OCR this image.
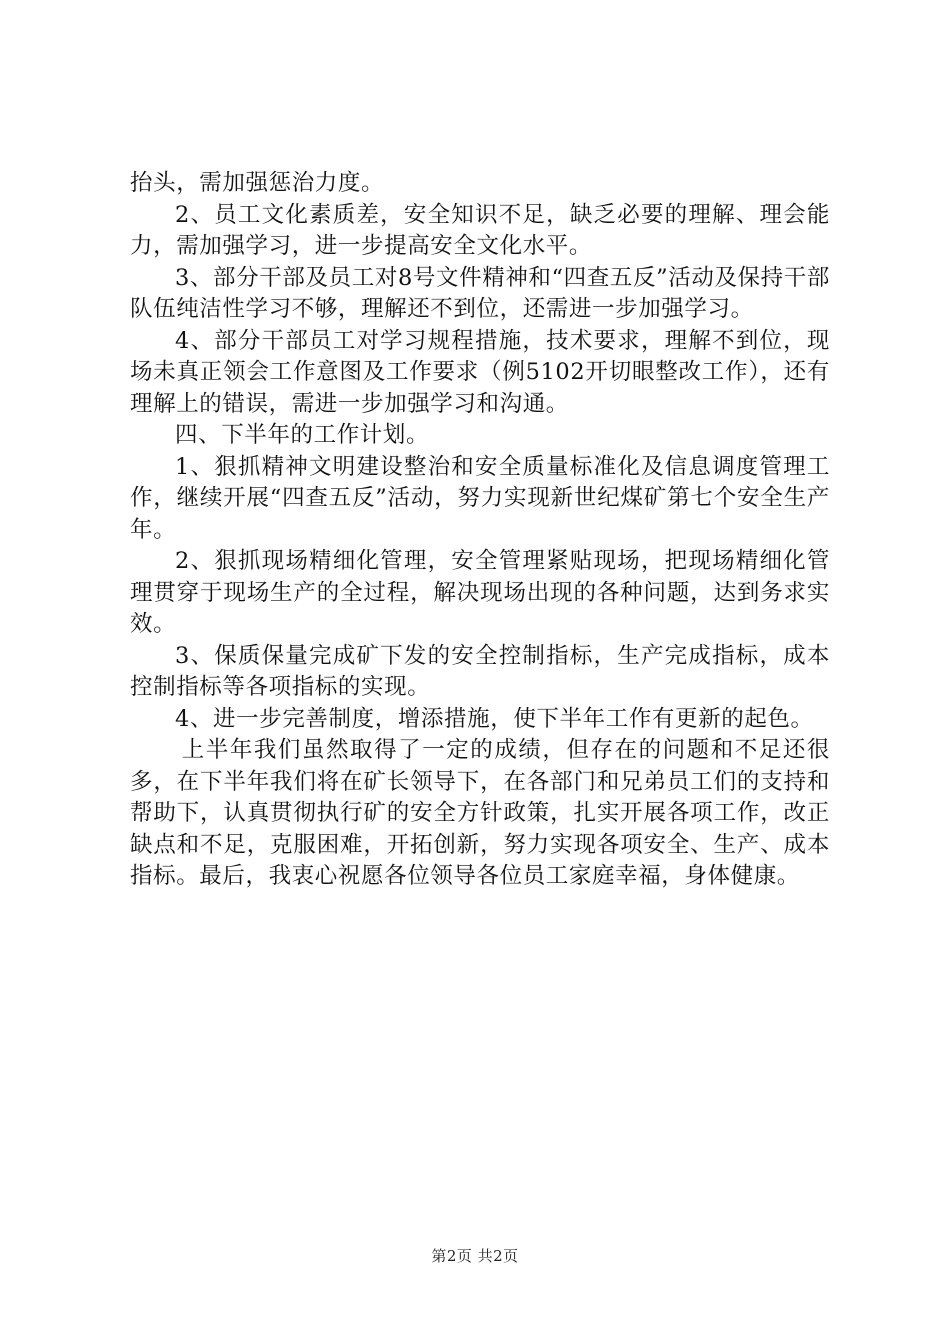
抬头，需加强惩治力度。

2、员工文化素质差，安全知识不足，缺乏必要的理解、理会能力，需加强学习，进一步提高安全文化水平。

3、部分干部及员工对8号文件精神和“四查五反”活动及保持干部队伍纯洁性学习不够，理解还不到位，还需进一步加强学习。

4、部分干部员工对学习规程措施，技术要求，理解不到位，现场未真正领会工作意图及工作要求（例5102开切眼整改工作），还有理解上的错误，需进一步加强学习和沟通。

四、下半年的工作计划。

1、狠抓精神文明建设整治和安全质量标准化及信息调度管理工作，继续开展“四查五反”活动，努力实现新世纪煤矿第七个安全生产年。

2、狠抓现场精细化管理，安全管理紧贴现场，把现场精细化管理贯穿于现场生产的全过程，解决现场出现的各种问题，达到务求实效。

3、保质保量完成矿下发的安全控制指标，生产完成指标，成本控制指标等各项指标的实现。

4、进一步完善制度，增添措施，使下半年工作有更新的起色。

上半年我们虽然取得了一定的成绩，但存在的问题和不足还很多，在下半年我们将在矿长领导下，在各部门和兄弟员工们的支持和帮助下，认真贯彻执行矿的安全方针政策，扎实开展各项工作，改正缺点和不足，克服困难，开拓创新，努力实现各项安全、生产、成本指标。最后，我衷心祝愿各位领导各位员工家庭幸福，身体健康。

第2页 共2页
